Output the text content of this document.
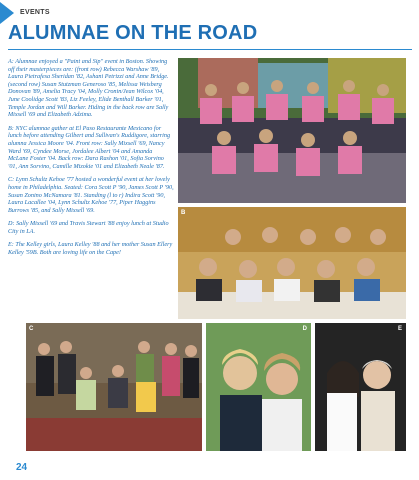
EVENTS
ALUMNAE ON THE ROAD

A: Alumnae enjoyed a "Paint and Sip" event in Boston. Showing off their masterpieces are: (front row) Rebecca Warshaw '89, Laura Pietrafesa Sheridan '82, Ashani Petrizzi and Anne Bridge. (second row) Susan Stutzman Generoso '85, Melissa Weisberg Donovan '89, Amelia Tracy '04, Molly Cronin/Jean Wilcox '04, June Coolidge Scott '83, Liz Feeley, Elide Benthall Barker '01, Temple Jordan and Will Barker. Hiding in the back row are Sally Mixsell '69 and Elizabeth Adzima.

B: NYC alumnae gather at El Paso Restaurante Mexicano for lunch before attending Gilbert and Sullivan's Ruddigore, starring alumna Jessica Moore '04. Front row: Sally Mixsell '69, Nancy Ward '69, Cyndee Morse, Jordalee Albert '04 and Amanda McLane Foster '04. Back row: Dara Rashon '01, Sofia Sorvino '01, Ann Sorvino, Camille Mizokie '01 and Elizabeth Neale '87.

C: Lynn Schultz Kehoe '77 hosted a wonderful event at her lovely home in Philadelphia. Seated: Cora Scott P '90, James Scott P '90, Susan Zonino McNamara '81. Standing (l to r) Indira Scott '90, Laura Lacallee '04, Lynn Schultz Kehoe '77, Piper Haggins Burrows '85, and Sally Mixsell '69.

D: Sally Mixsell '69 and Travis Stewart '88 enjoy lunch at Studio City in LA.

E: The Kelley girls, Laura Kelley '88 and her mother Susan Ellery Kelley '59B. Both are loving life on the Cape!

B
C	D	E
24
